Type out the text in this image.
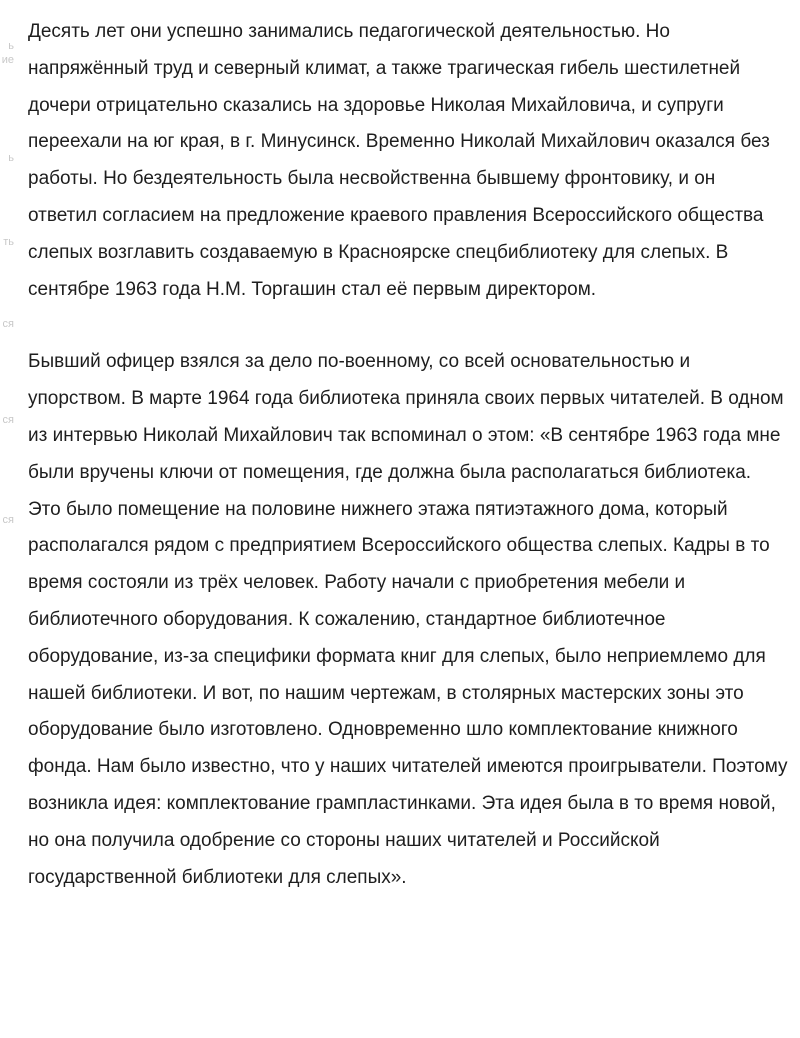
ь
ие
ь
ть
ся
ся
ся

Десять лет они успешно занимались педагогической деятельностью. Но напряжённый труд и северный климат, а также трагическая гибель шестилетней дочери отрицательно сказались на здоровье Николая Михайловича, и супруги переехали на юг края, в г. Минусинск. Временно Николай Михайлович оказался без работы. Но бездеятельность была несвойственна бывшему фронтовику, и он ответил согласием на предложение краевого правления Всероссийского общества слепых возглавить создаваемую в Красноярске спецбиблиотеку для слепых. В сентябре 1963 года Н.М. Торгашин стал её первым директором.

Бывший офицер взялся за дело по-военному, со всей основательностью и упорством. В марте 1964 года библиотека приняла своих первых читателей. В одном из интервью Николай Михайлович так вспоминал о этом: «В сентябре 1963 года мне были вручены ключи от помещения, где должна была располагаться библиотека. Это было помещение на половине нижнего этажа пятиэтажного дома, который располагался рядом с предприятием Всероссийского общества слепых. Кадры в то время состояли из трёх человек. Работу начали с приобретения мебели и библиотечного оборудования. К сожалению, стандартное библиотечное оборудование, из-за специфики формата книг для слепых, было неприемлемо для нашей библиотеки. И вот, по нашим чертежам, в столярных мастерских зоны это оборудование было изготовлено. Одновременно шло комплектование книжного фонда. Нам было известно, что у наших читателей имеются проигрыватели. Поэтому возникла идея: комплектование грампластинками. Эта идея была в то время новой, но она получила одобрение со стороны наших читателей и Российской государственной библиотеки для слепых».
